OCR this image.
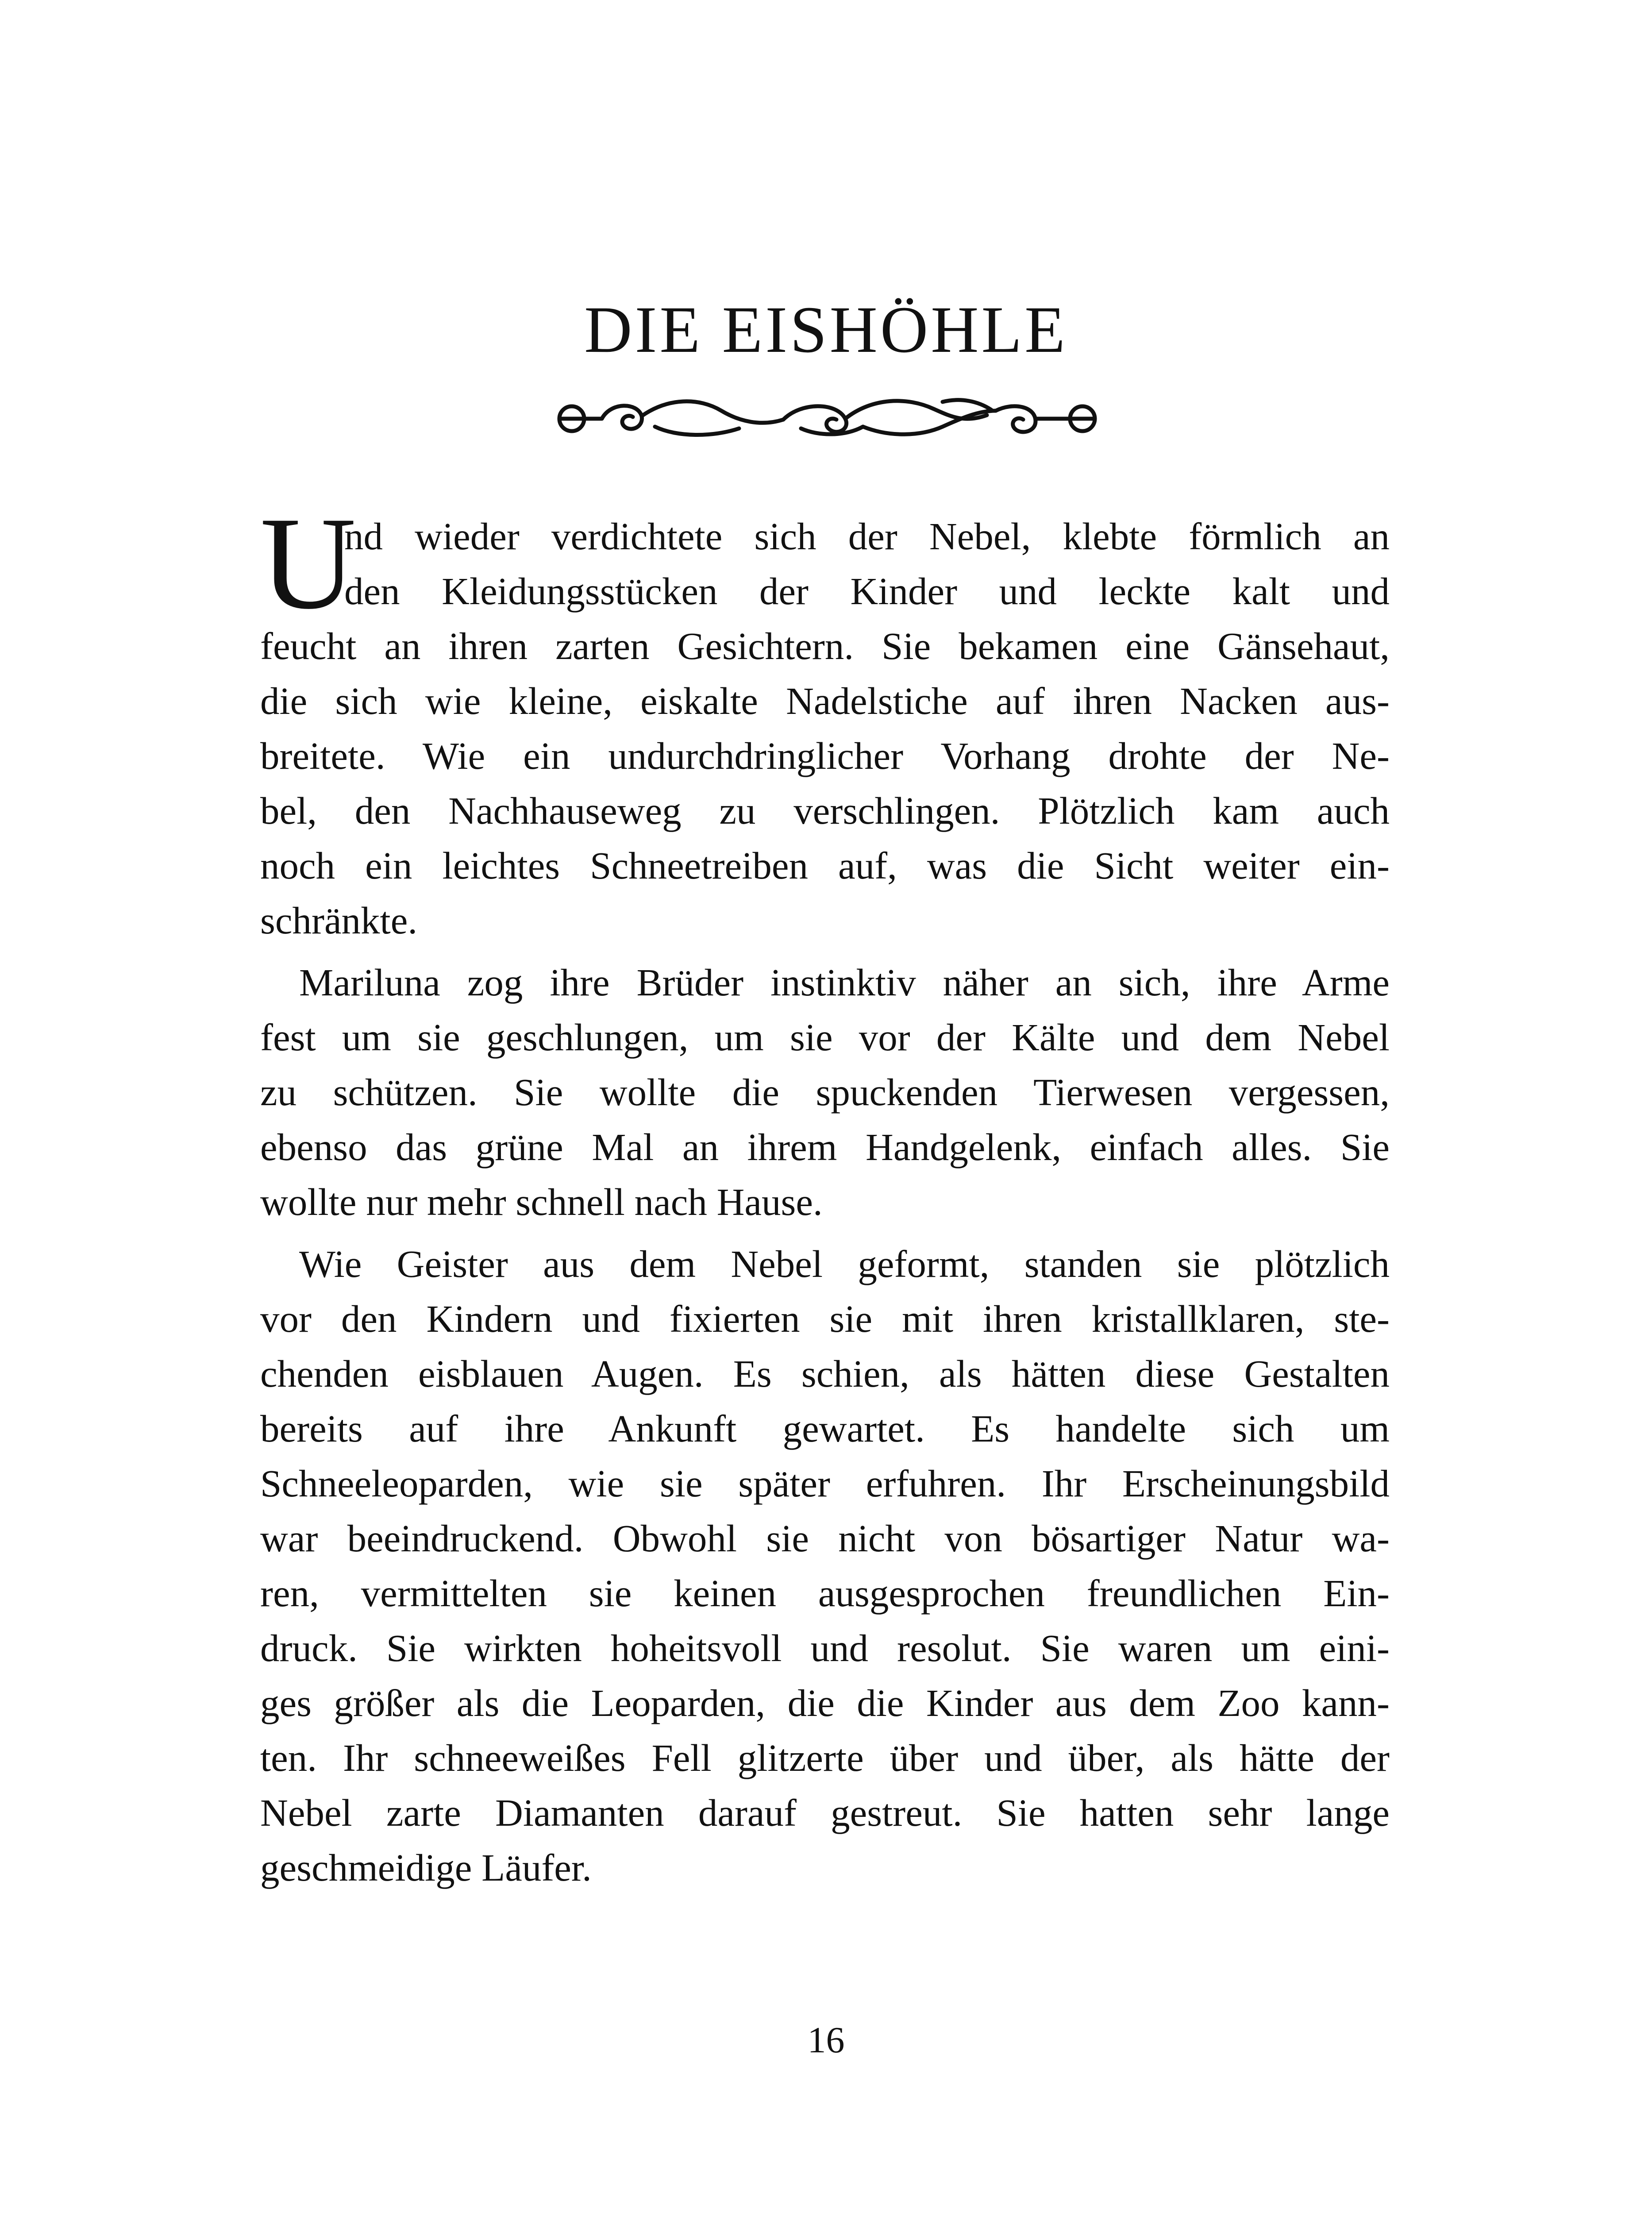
DIE EISHÖHLE
U
nd wieder verdichtete sich der Nebel, klebte förmlich an
den Kleidungsstücken der Kinder und leckte kalt und
feucht an ihren zarten Gesichtern. Sie bekamen eine Gänsehaut,
die sich wie kleine, eiskalte Nadelstiche auf ihren Nacken aus-
breitete. Wie ein undurchdringlicher Vorhang drohte der Ne-
bel, den Nachhauseweg zu verschlingen. Plötzlich kam auch
noch ein leichtes Schneetreiben auf, was die Sicht weiter ein-
schränkte.
Mariluna zog ihre Brüder instinktiv näher an sich, ihre Arme
fest um sie geschlungen, um sie vor der Kälte und dem Nebel
zu schützen. Sie wollte die spuckenden Tierwesen vergessen,
ebenso das grüne Mal an ihrem Handgelenk, einfach alles. Sie
wollte nur mehr schnell nach Hause.
Wie Geister aus dem Nebel geformt, standen sie plötzlich
vor den Kindern und fixierten sie mit ihren kristallklaren, ste-
chenden eisblauen Augen. Es schien, als hätten diese Gestalten
bereits auf ihre Ankunft gewartet. Es handelte sich um
Schneeleoparden, wie sie später erfuhren. Ihr Erscheinungsbild
war beeindruckend. Obwohl sie nicht von bösartiger Natur wa-
ren, vermittelten sie keinen ausgesprochen freundlichen Ein-
druck. Sie wirkten hoheitsvoll und resolut. Sie waren um eini-
ges größer als die Leoparden, die die Kinder aus dem Zoo kann-
ten. Ihr schneeweißes Fell glitzerte über und über, als hätte der
Nebel zarte Diamanten darauf gestreut. Sie hatten sehr lange
geschmeidige Läufer.
16
